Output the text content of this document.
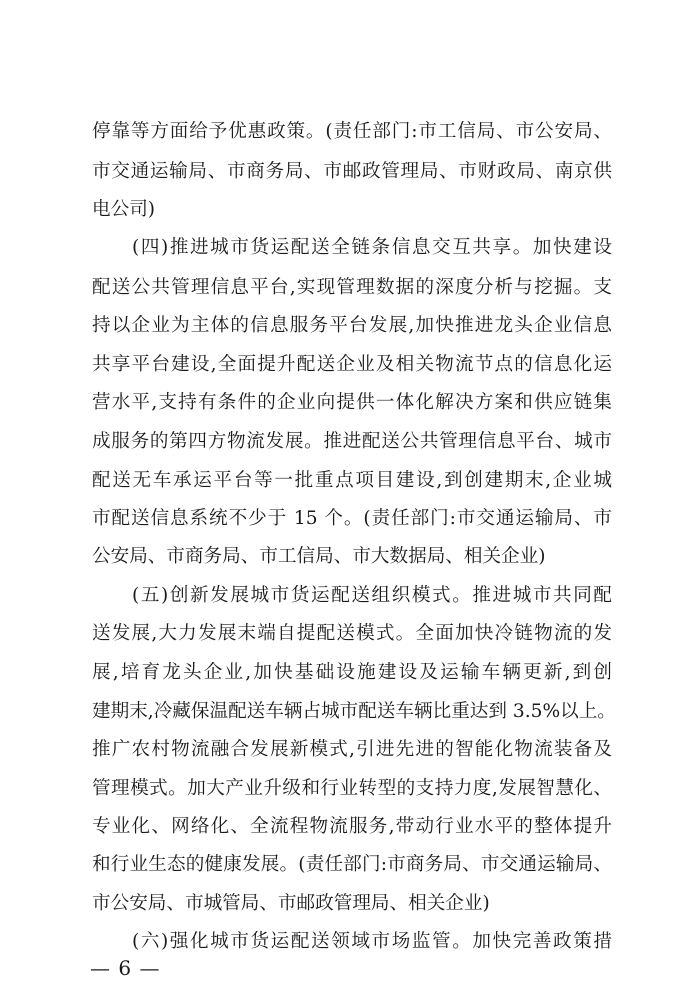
停靠等方面给予优惠政策。(责任部门:市工信局、市公安局、
市交通运输局、市商务局、市邮政管理局、市财政局、南京供
电公司)
(四)推进城市货运配送全链条信息交互共享。加快建设
配送公共管理信息平台,实现管理数据的深度分析与挖掘。支
持以企业为主体的信息服务平台发展,加快推进龙头企业信息
共享平台建设,全面提升配送企业及相关物流节点的信息化运
营水平,支持有条件的企业向提供一体化解决方案和供应链集
成服务的第四方物流发展。推进配送公共管理信息平台、城市
配送无车承运平台等一批重点项目建设,到创建期末,企业城
市配送信息系统不少于 15 个。(责任部门:市交通运输局、市
公安局、市商务局、市工信局、市大数据局、相关企业)
(五)创新发展城市货运配送组织模式。推进城市共同配
送发展,大力发展末端自提配送模式。全面加快冷链物流的发
展,培育龙头企业,加快基础设施建设及运输车辆更新,到创
建期末,冷藏保温配送车辆占城市配送车辆比重达到 3.5%以上。
推广农村物流融合发展新模式,引进先进的智能化物流装备及
管理模式。加大产业升级和行业转型的支持力度,发展智慧化、
专业化、网络化、全流程物流服务,带动行业水平的整体提升
和行业生态的健康发展。(责任部门:市商务局、市交通运输局、
市公安局、市城管局、市邮政管理局、相关企业)
(六)强化城市货运配送领域市场监管。加快完善政策措
— 6 —
